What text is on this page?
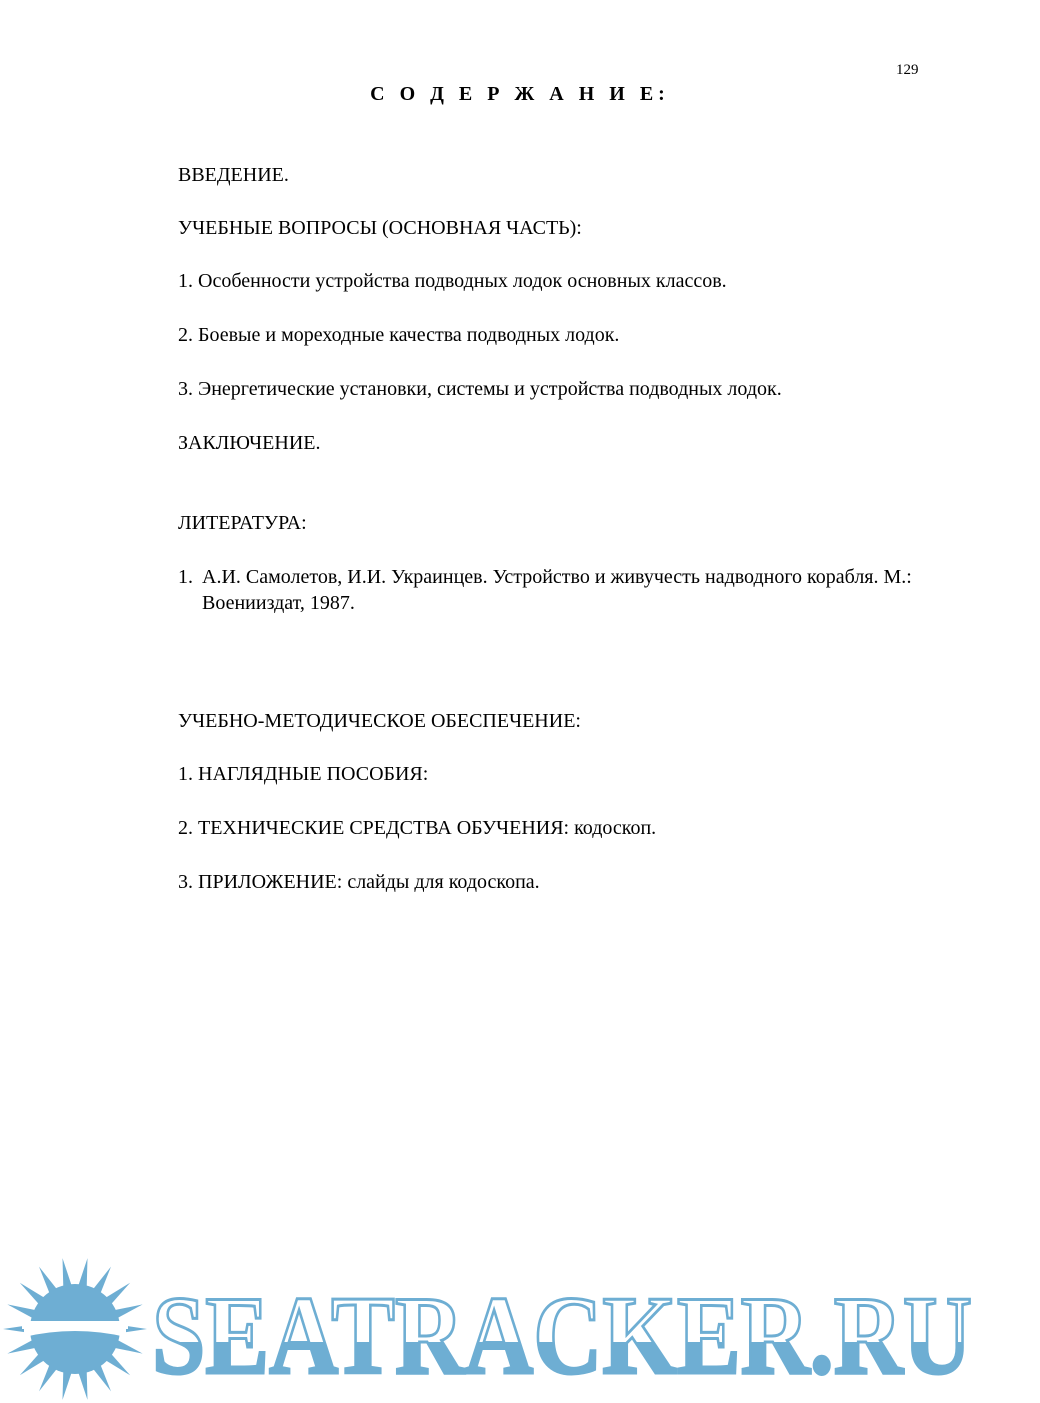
129
С О Д Е Р Ж А Н И Е:
ВВЕДЕНИЕ.
УЧЕБНЫЕ ВОПРОСЫ (ОСНОВНАЯ ЧАСТЬ):
1. Особенности устройства подводных лодок основных классов.
2. Боевые и мореходные качества подводных лодок.
3. Энергетические установки, системы и устройства подводных лодок.
ЗАКЛЮЧЕНИЕ.
ЛИТЕРАТУРА:
1. А.И. Самолетов, И.И. Украинцев. Устройство и живучесть надводного корабля. М.: Военииздат, 1987.
УЧЕБНО-МЕТОДИЧЕСКОЕ ОБЕСПЕЧЕНИЕ:
1. НАГЛЯДНЫЕ ПОСОБИЯ:
2. ТЕХНИЧЕСКИЕ СРЕДСТВА ОБУЧЕНИЯ: кодоскоп.
3. ПРИЛОЖЕНИЕ: слайды для кодоскопа.
SEATRACKER.RU
